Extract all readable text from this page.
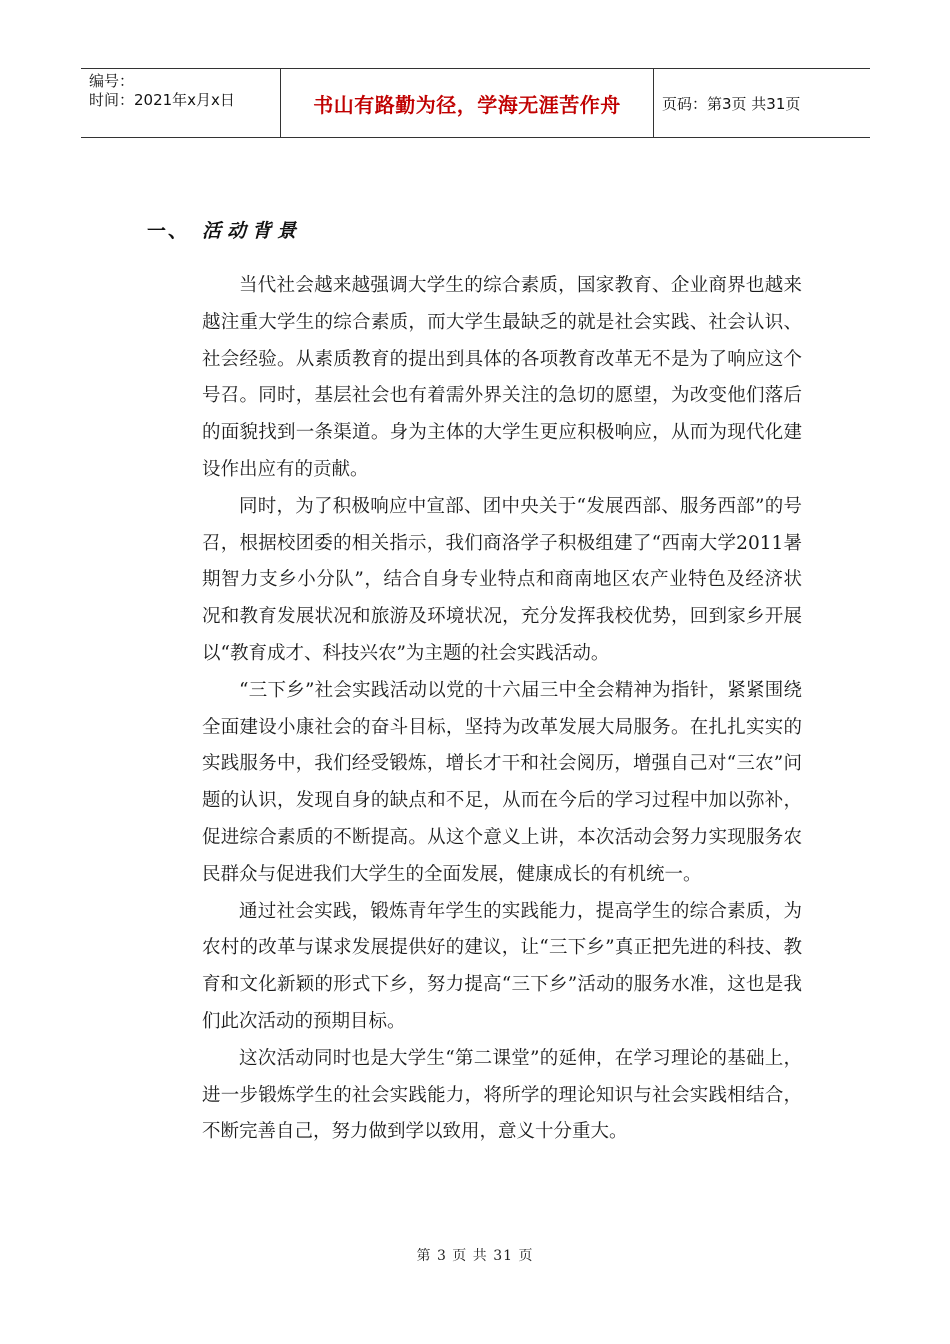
编号：
时间：2021年x月x日	书山有路勤为径，学海无涯苦作舟	页码：第3页 共31页
一、 活动背景

当代社会越来越强调大学生的综合素质，国家教育、企业商界也越来越注重大学生的综合素质，而大学生最缺乏的就是社会实践、社会认识、社会经验。从素质教育的提出到具体的各项教育改革无不是为了响应这个号召。同时，基层社会也有着需外界关注的急切的愿望，为改变他们落后的面貌找到一条渠道。身为主体的大学生更应积极响应，从而为现代化建设作出应有的贡献。

同时，为了积极响应中宣部、团中央关于“发展西部、服务西部”的号召，根据校团委的相关指示，我们商洛学子积极组建了“西南大学2011暑期智力支乡小分队”，结合自身专业特点和商南地区农产业特色及经济状况和教育发展状况和旅游及环境状况，充分发挥我校优势，回到家乡开展以“教育成才、科技兴农”为主题的社会实践活动。

“三下乡”社会实践活动以党的十六届三中全会精神为指针，紧紧围绕全面建设小康社会的奋斗目标，坚持为改革发展大局服务。在扎扎实实的实践服务中，我们经受锻炼，增长才干和社会阅历，增强自己对“三农”问题的认识，发现自身的缺点和不足，从而在今后的学习过程中加以弥补，促进综合素质的不断提高。从这个意义上讲，本次活动会努力实现服务农民群众与促进我们大学生的全面发展，健康成长的有机统一。

通过社会实践，锻炼青年学生的实践能力，提高学生的综合素质，为农村的改革与谋求发展提供好的建议，让“三下乡”真正把先进的科技、教育和文化新颖的形式下乡，努力提高“三下乡”活动的服务水准，这也是我们此次活动的预期目标。

这次活动同时也是大学生“第二课堂”的延伸，在学习理论的基础上，进一步锻炼学生的社会实践能力，将所学的理论知识与社会实践相结合，不断完善自己，努力做到学以致用，意义十分重大。

第 3 页 共 31 页
